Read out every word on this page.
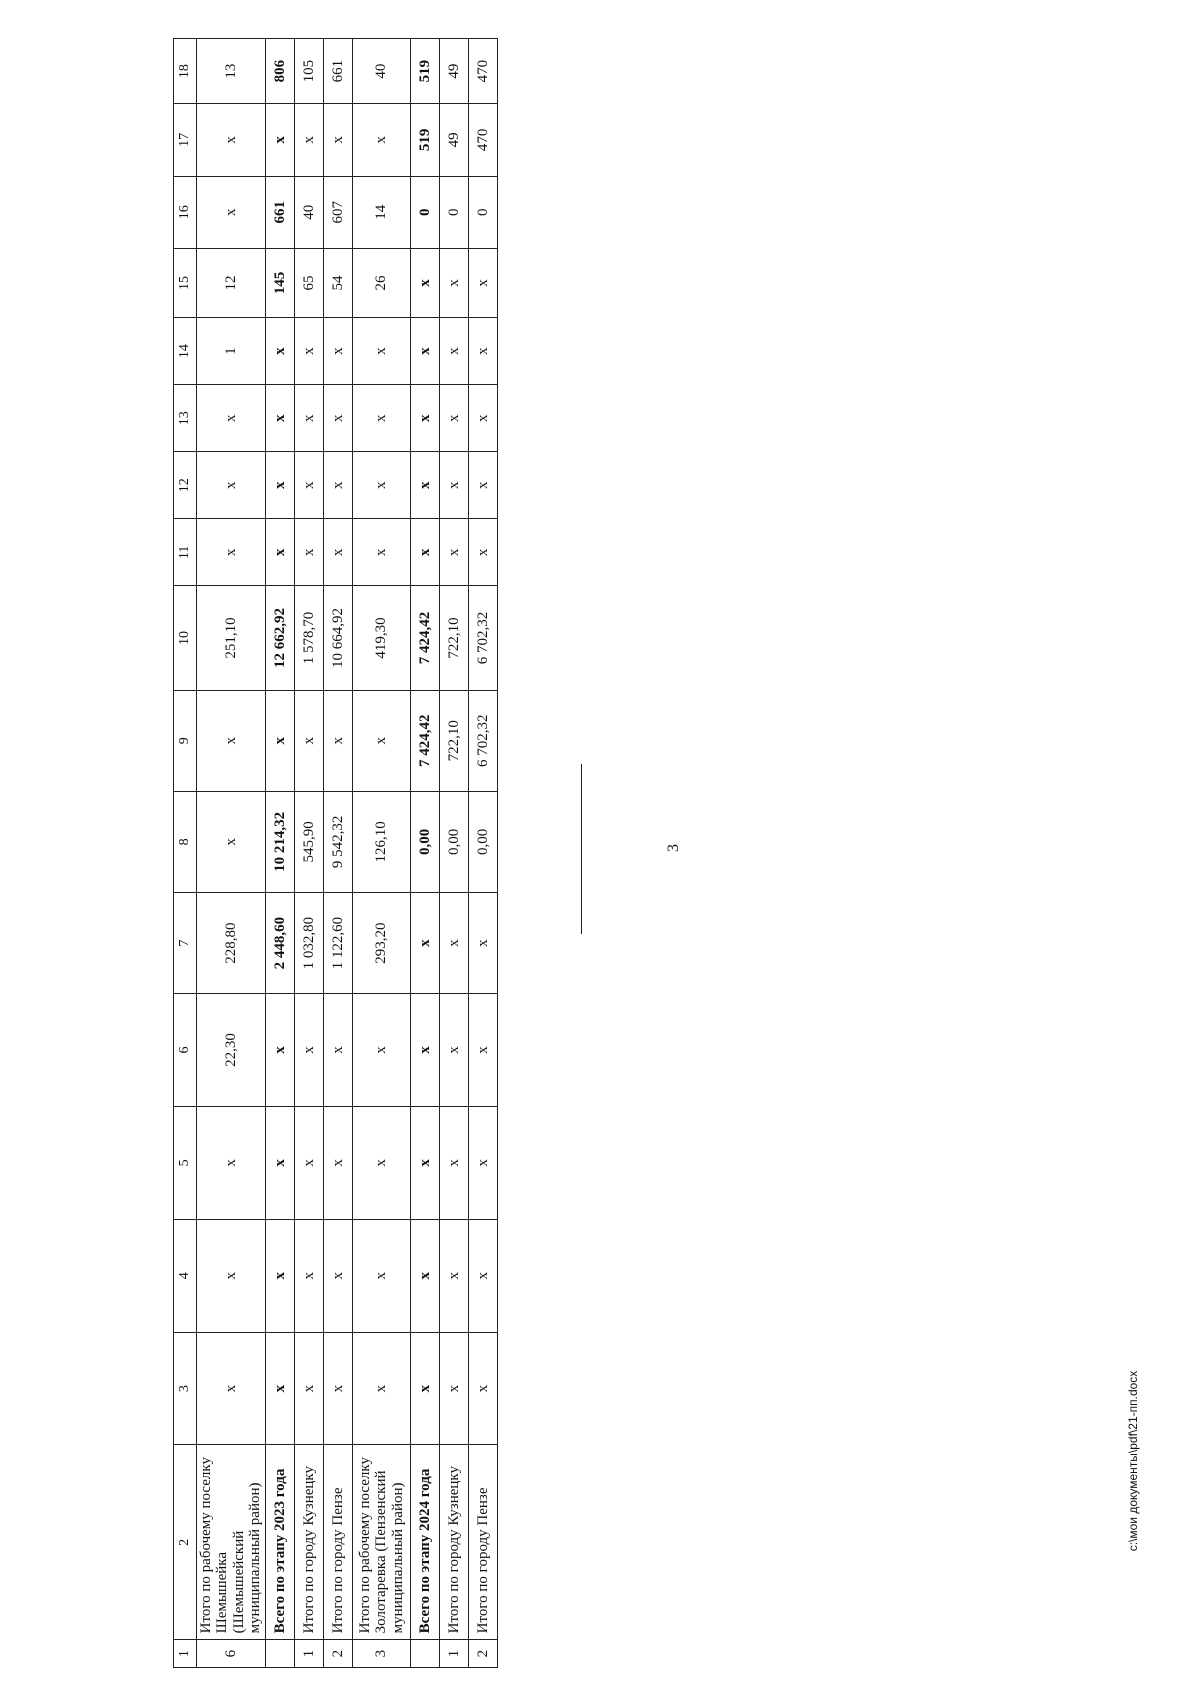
3
c:\мои документы\pdf\21-пп.docx
1	2	3	4	5	6	7	8	9	10	11	12	13	14	15	16	17	18
6	Итого по рабочему поселку Шемышейка (Шемышейский муниципальный район)	x	x	x	22,30	228,80	x	x	251,10	x	x	x	1	12	x	x	13
	Всего по этапу 2023 года	x	x	x	x	2 448,60	10 214,32	x	12 662,92	x	x	x	x	145	661	x	806
1	Итого по городу Кузнецку	x	x	x	x	1 032,80	545,90	x	1 578,70	x	x	x	x	65	40	x	105
2	Итого по городу Пензе	x	x	x	x	1 122,60	9 542,32	x	10 664,92	x	x	x	x	54	607	x	661
3	Итого по рабочему поселку Золотаревка (Пензенский муниципальный район)	x	x	x	x	293,20	126,10	x	419,30	x	x	x	x	26	14	x	40
	Всего по этапу 2024 года	x	x	x	x	x	0,00	7 424,42	7 424,42	x	x	x	x	x	0	519	519
1	Итого по городу Кузнецку	x	x	x	x	x	0,00	722,10	722,10	x	x	x	x	x	0	49	49
2	Итого по городу Пензе	x	x	x	x	x	0,00	6 702,32	6 702,32	x	x	x	x	x	0	470	470
